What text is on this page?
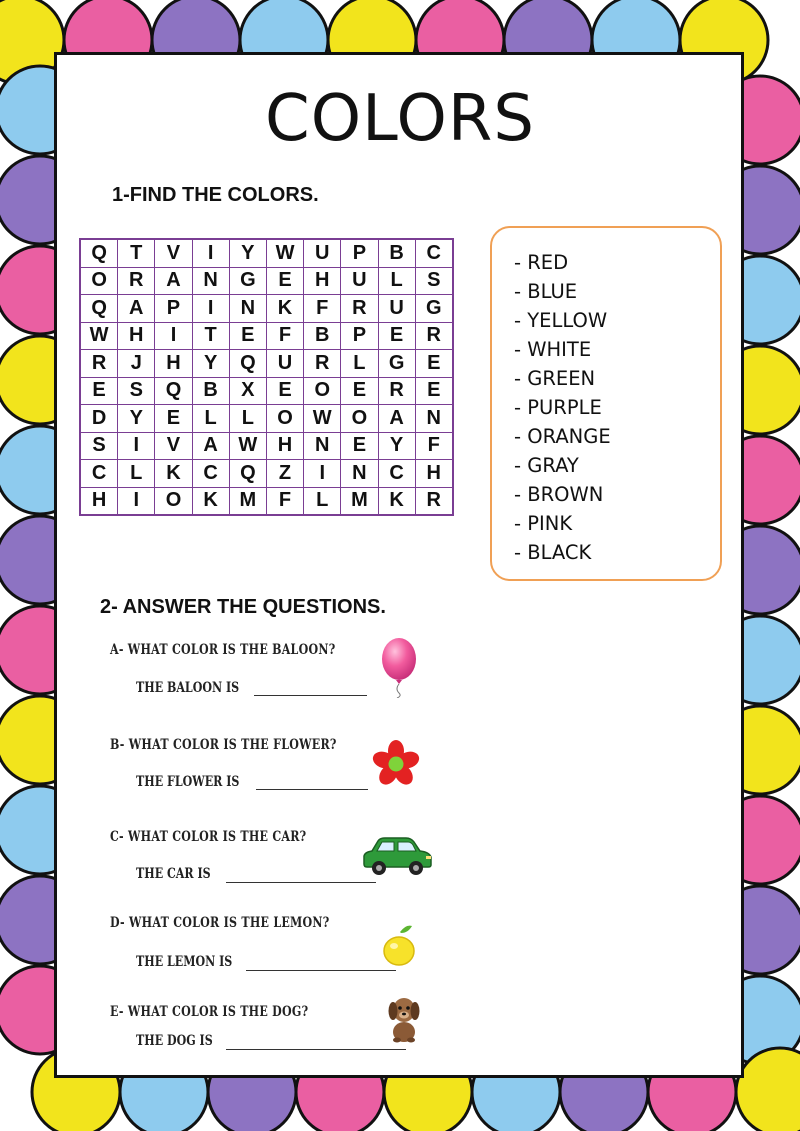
COLORS
1-FIND THE COLORS.
Q	T	V	I	Y	W	U	P	B	C
O	R	A	N	G	E	H	U	L	S
Q	A	P	I	N	K	F	R	U	G
W	H	I	T	E	F	B	P	E	R
R	J	H	Y	Q	U	R	L	G	E
E	S	Q	B	X	E	O	E	R	E
D	Y	E	L	L	O	W	O	A	N
S	I	V	A	W	H	N	E	Y	F
C	L	K	C	Q	Z	I	N	C	H
H	I	O	K	M	F	L	M	K	R
- RED
- BLUE
- YELLOW
- WHITE
- GREEN
- PURPLE
- ORANGE
- GRAY
- BROWN
- PINK
- BLACK
2- ANSWER THE QUESTIONS.
A- WHAT COLOR IS THE BALOON?
THE BALOON IS
B- WHAT COLOR IS THE FLOWER?
THE FLOWER IS
C- WHAT COLOR IS THE CAR?
THE CAR IS
D- WHAT COLOR IS THE LEMON?
THE LEMON IS
E- WHAT COLOR IS THE DOG?
THE DOG IS
